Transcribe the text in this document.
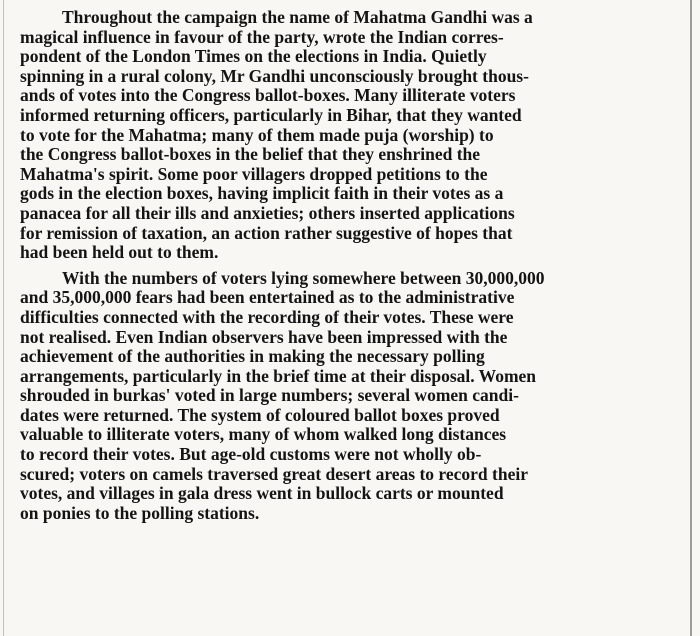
Throughout the campaign the name of Mahatma Gandhi was a
magical influence in favour of the party, wrote the Indian corres-
pondent of the London Times on the elections in India. Quietly
spinning in a rural colony, Mr Gandhi unconsciously brought thous-
ands of votes into the Congress ballot-boxes. Many illiterate voters
informed returning officers, particularly in Bihar, that they wanted
to vote for the Mahatma; many of them made puja (worship) to
the Congress ballot-boxes in the belief that they enshrined the
Mahatma's spirit. Some poor villagers dropped petitions to the
gods in the election boxes, having implicit faith in their votes as a
panacea for all their ills and anxieties; others inserted applications
for remission of taxation, an action rather suggestive of hopes that
had been held out to them.
With the numbers of voters lying somewhere between 30,000,000
and 35,000,000 fears had been entertained as to the administrative
difficulties connected with the recording of their votes. These were
not realised. Even Indian observers have been impressed with the
achievement of the authorities in making the necessary polling
arrangements, particularly in the brief time at their disposal. Women
shrouded in burkas' voted in large numbers; several women candi-
dates were returned. The system of coloured ballot boxes proved
valuable to illiterate voters, many of whom walked long distances
to record their votes. But age-old customs were not wholly ob-
scured; voters on camels traversed great desert areas to record their
votes, and villages in gala dress went in bullock carts or mounted
on ponies to the polling stations.
